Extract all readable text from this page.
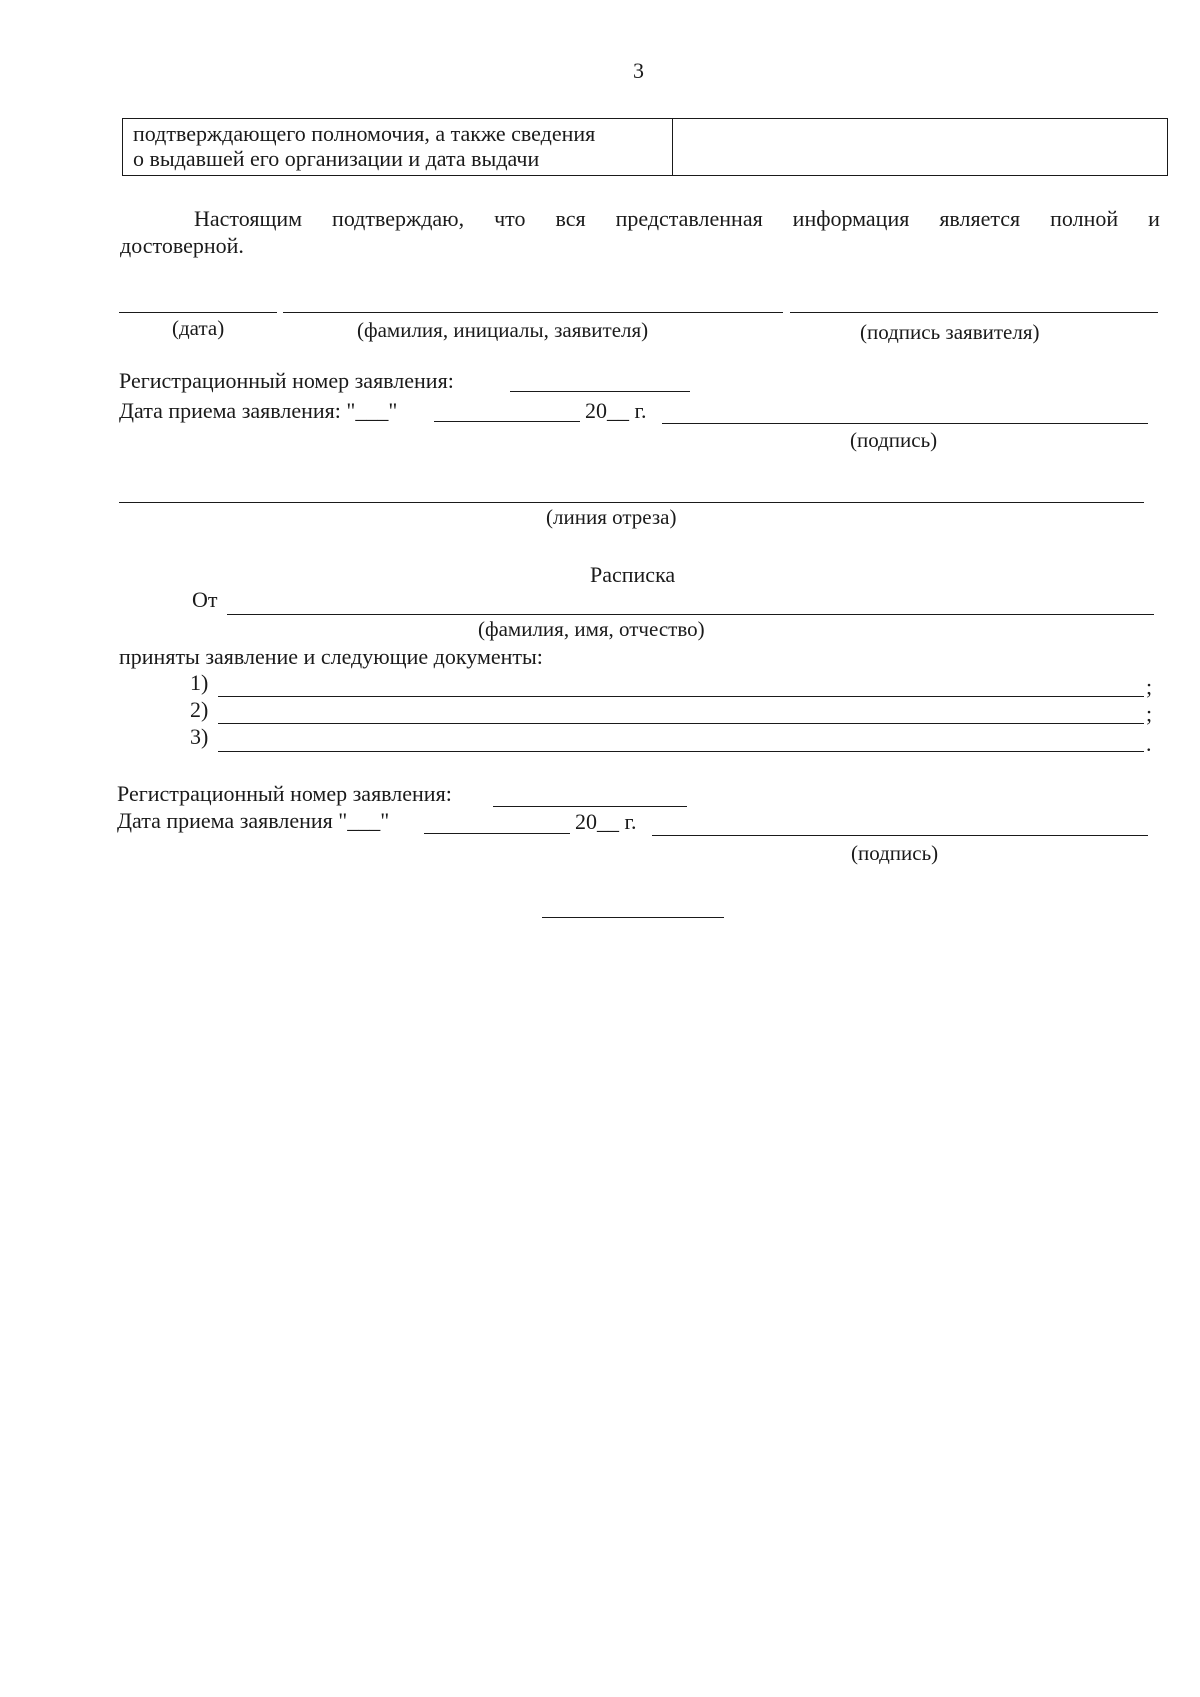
3
подтверждающего полномочия, а также сведения
о выдавшей его организации и дата выдачи
Настоящим подтверждаю, что вся представленная информация является полной и
достоверной.
(дата)	(фамилия, инициалы, заявителя)	(подпись заявителя)
Регистрационный номер заявления:
Дата приема заявления: "___"	20__ г.
(подпись)
(линия отреза)
Расписка
От
(фамилия, имя, отчество)
приняты заявление и следующие документы:
1)	;
2)	;
3)	.
Регистрационный номер заявления:
Дата приема заявления "___"	20__ г.
(подпись)
